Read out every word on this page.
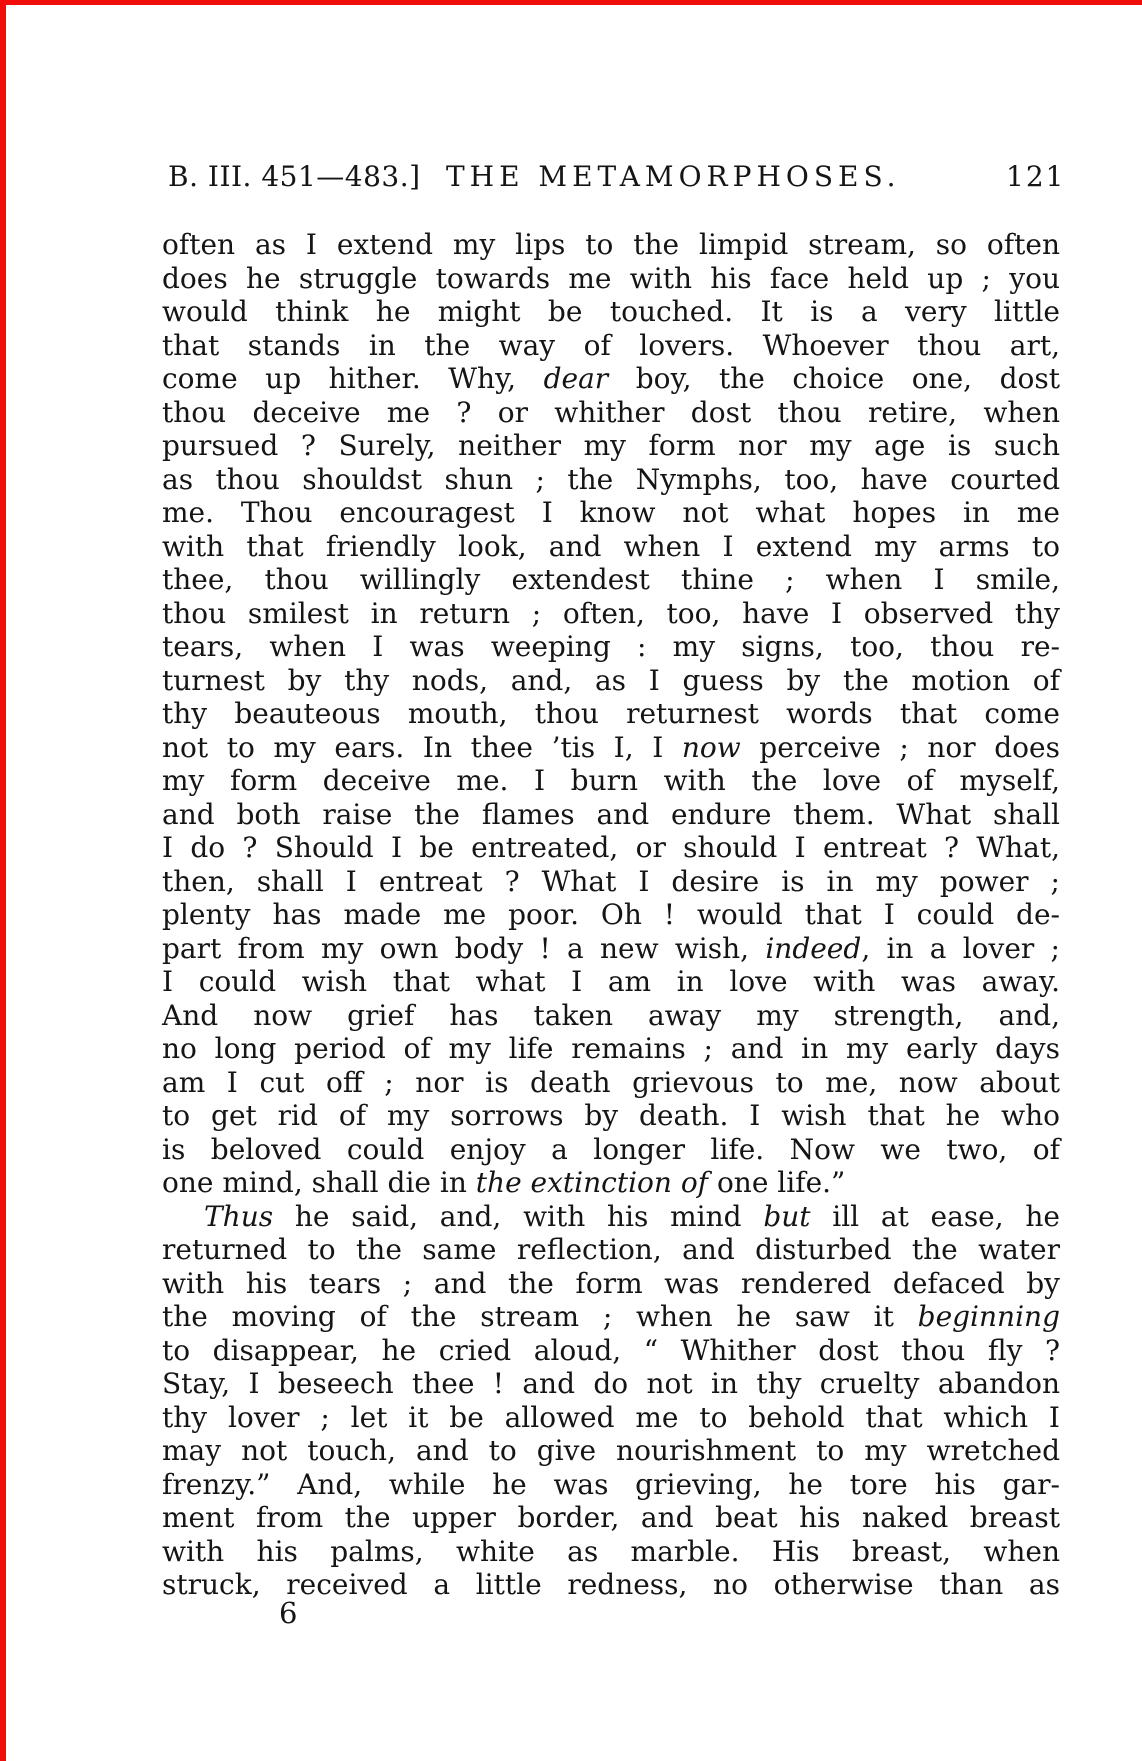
B. III. 451—483.] THE METAMORPHOSES.	121
often as I extend my lips to the limpid stream, so often
does he struggle towards me with his face held up ; you
would think he might be touched. It is a very little
that stands in the way of lovers. Whoever thou art,
come up hither. Why, dear boy, the choice one, dost
thou deceive me ? or whither dost thou retire, when
pursued ? Surely, neither my form nor my age is such
as thou shouldst shun ; the Nymphs, too, have courted
me. Thou encouragest I know not what hopes in me
with that friendly look, and when I extend my arms to
thee, thou willingly extendest thine ; when I smile,
thou smilest in return ; often, too, have I observed thy
tears, when I was weeping : my signs, too, thou re-
turnest by thy nods, and, as I guess by the motion of
thy beauteous mouth, thou returnest words that come
not to my ears. In thee ’tis I, I now perceive ; nor does
my form deceive me. I burn with the love of myself,
and both raise the flames and endure them. What shall
I do ? Should I be entreated, or should I entreat ? What,
then, shall I entreat ? What I desire is in my power ;
plenty has made me poor. Oh ! would that I could de-
part from my own body ! a new wish, indeed, in a lover ;
I could wish that what I am in love with was away.
And now grief has taken away my strength, and,
no long period of my life remains ; and in my early days
am I cut off ; nor is death grievous to me, now about
to get rid of my sorrows by death. I wish that he who
is beloved could enjoy a longer life. Now we two, of
one mind, shall die in the extinction of one life.”
Thus he said, and, with his mind but ill at ease, he
returned to the same reflection, and disturbed the water
with his tears ; and the form was rendered defaced by
the moving of the stream ; when he saw it beginning
to disappear, he cried aloud, “ Whither dost thou fly ?
Stay, I beseech thee ! and do not in thy cruelty abandon
thy lover ; let it be allowed me to behold that which I
may not touch, and to give nourishment to my wretched
frenzy.” And, while he was grieving, he tore his gar-
ment from the upper border, and beat his naked breast
with his palms, white as marble. His breast, when
struck, received a little redness, no otherwise than as
6
